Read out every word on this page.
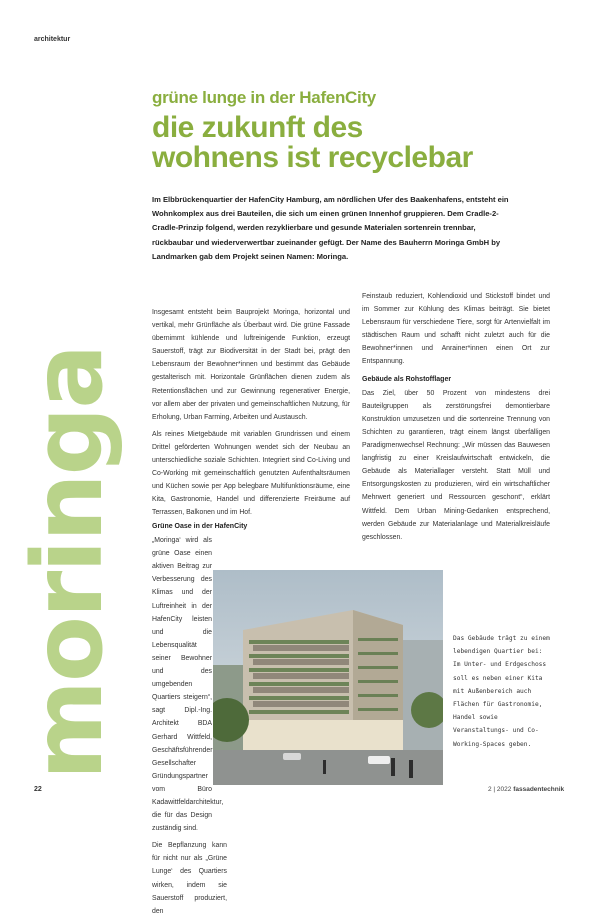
architektur
moringa
grüne lunge in der HafenCity
die zukunft des
wohnens ist recyclebar
Im Elbbrückenquartier der HafenCity Hamburg, am nördlichen Ufer des Baakenhafens, entsteht ein Wohnkomplex aus drei Bauteilen, die sich um einen grünen Innenhof gruppieren. Dem Cradle-2-Cradle-Prinzip folgend, werden rezyklierbare und gesunde Materialen sortenrein trennbar, rückbaubar und wiederverwertbar zueinander gefügt. Der Name des Bauherrn Moringa GmbH by Landmarken gab dem Projekt seinen Namen: Moringa.

Insgesamt entsteht beim Bauprojekt Moringa, horizontal und vertikal, mehr Grünfläche als Überbaut wird. Die grüne Fassade übernimmt kühlende und luftreinigende Funktion, erzeugt Sauerstoff, trägt zur Biodiversität in der Stadt bei, prägt den Lebensraum der Bewohner*innen und bestimmt das Gebäude gestalterisch mit. Horizontale Grünflächen dienen zudem als Retentionsflächen und zur Gewinnung regenerativer Energie, vor allem aber der privaten und gemeinschaftlichen Nutzung, für Erholung, Urban Farming, Arbeiten und Austausch.

Als reines Mietgebäude mit variablen Grundrissen und einem Drittel geförderten Wohnungen wendet sich der Neubau an unterschiedliche soziale Schichten. Integriert sind Co-Living und Co-Working mit gemeinschaftlich genutzten Aufenthaltsräumen und Küchen sowie per App belegbare Multifunktionsräume, eine Kita, Gastronomie, Handel und differenzierte Freiräume auf Terrassen, Balkonen und im Hof.

Grüne Oase in der HafenCity

„Moringa‘ wird als grüne Oase einen aktiven Beitrag zur Verbesserung des Klimas und der Luftreinheit in der HafenCity leisten und die Lebensqualität seiner Bewohner und des umgebenden Quartiers steigern“, sagt Dipl.-Ing. Architekt BDA Gerhard Wittfeld, Geschäftsführender Gesellschafter Gründungspartner vom Büro Kadawittfeldarchitektur, die für das Design zuständig sind.

Die Bepflanzung kann für nicht nur als „Grüne Lunge‘ des Quartiers wirken, indem sie Sauerstoff produziert, den

Feinstaub reduziert, Kohlendioxid und Stickstoff bindet und im Sommer zur Kühlung des Klimas beiträgt. Sie bietet Lebensraum für verschiedene Tiere, sorgt für Artenvielfalt im städtischen Raum und schafft nicht zuletzt auch für die Bewohner*innen und Anrainer*innen einen Ort zur Entspannung.

Gebäude als Rohstofflager

Das Ziel, über 50 Prozent von mindestens drei Bauteilgruppen als zerstörungsfrei demontierbare Konstruktion umzusetzen und die sortenreine Trennung von Schichten zu garantieren, trägt einem längst überfälligen Paradigmenwechsel Rechnung: „Wir müssen das Bauwesen langfristig zu einer Kreislaufwirtschaft entwickeln, die Gebäude als Materiallager versteht. Statt Müll und Entsorgungskosten zu produzieren, wird ein wirtschaftlicher Mehrwert generiert und Ressourcen geschont“, erklärt Wittfeld. Dem Urban Mining-Gedanken entsprechend, werden Gebäude zur Materialanlage und Materialkreisläufe geschlossen.

Das Gebäude trägt zu einem lebendigen Quartier bei: Im Unter- und Erdgeschoss soll es neben einer Kita mit Außenbereich auch Flächen für Gastronomie, Handel sowie Veranstaltungs- und Co-Working-Spaces geben.
22	2 | 2022 fassadentechnik
